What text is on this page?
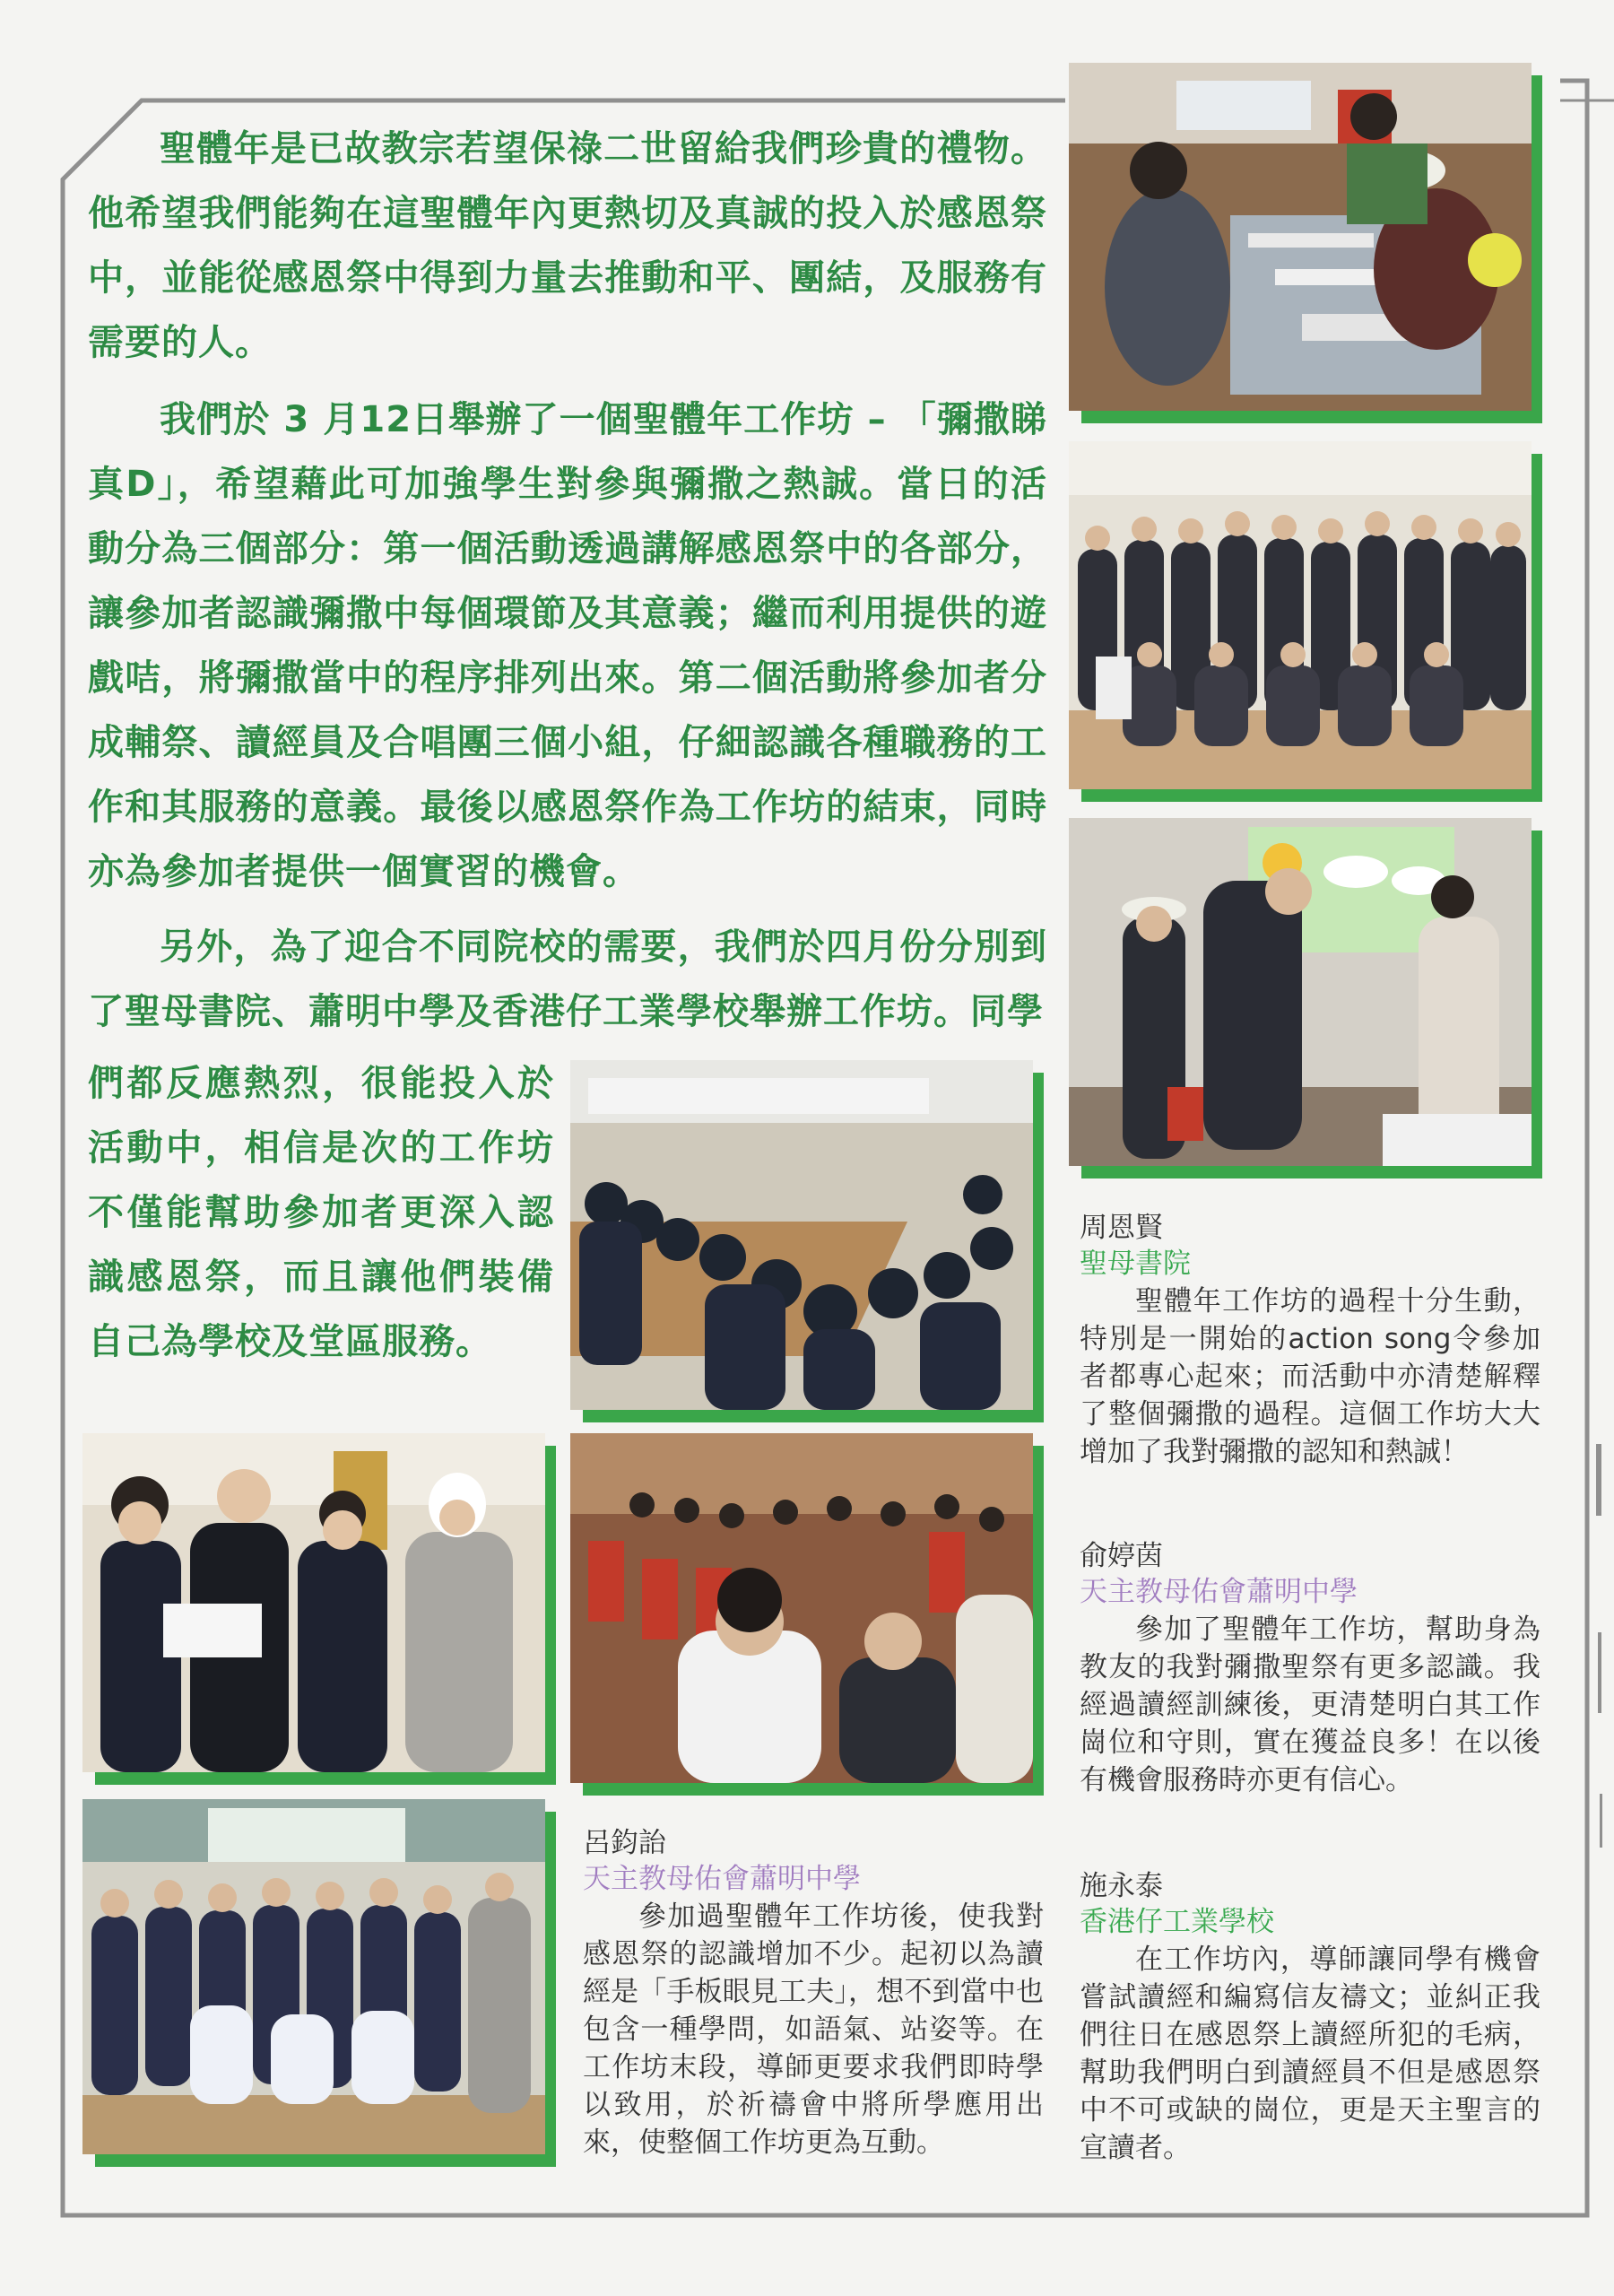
聖體年是已故教宗若望保祿二世留給我們珍貴的禮物。他希望我們能夠在這聖體年內更熱切及真誠的投入於感恩祭中，並能從感恩祭中得到力量去推動和平、團結，及服務有需要的人。

我們於 3 月12日舉辦了一個聖體年工作坊 – 「彌撒睇真D」，希望藉此可加強學生對參與彌撒之熱誠。當日的活動分為三個部分：第一個活動透過講解感恩祭中的各部分，讓參加者認識彌撒中每個環節及其意義；繼而利用提供的遊戲咭，將彌撒當中的程序排列出來。第二個活動將參加者分成輔祭、讀經員及合唱團三個小組，仔細認識各種職務的工作和其服務的意義。最後以感恩祭作為工作坊的結束，同時亦為參加者提供一個實習的機會。

另外，為了迎合不同院校的需要，我們於四月份分別到了聖母書院、蕭明中學及香港仔工業學校舉辦工作坊。同學

們都反應熱烈，很能投入於活動中，相信是次的工作坊不僅能幫助參加者更深入認識感恩祭，而且讓他們裝備自己為學校及堂區服務。

周恩賢

聖母書院

聖體年工作坊的過程十分生動，特別是一開始的action song令參加者都專心起來；而活動中亦清楚解釋了整個彌撒的過程。這個工作坊大大增加了我對彌撒的認知和熱誠！

俞婷茵

天主教母佑會蕭明中學

參加了聖體年工作坊，幫助身為教友的我對彌撒聖祭有更多認識。我經過讀經訓練後，更清楚明白其工作崗位和守則，實在獲益良多！在以後有機會服務時亦更有信心。

呂鈞詒

天主教母佑會蕭明中學

參加過聖體年工作坊後，使我對感恩祭的認識增加不少。起初以為讀經是「手板眼見工夫」，想不到當中也包含一種學問，如語氣、站姿等。在工作坊末段，導師更要求我們即時學以致用，於祈禱會中將所學應用出來，使整個工作坊更為互動。

施永泰

香港仔工業學校

在工作坊內，導師讓同學有機會嘗試讀經和編寫信友禱文；並糾正我們往日在感恩祭上讀經所犯的毛病，幫助我們明白到讀經員不但是感恩祭中不可或缺的崗位，更是天主聖言的宣讀者。
